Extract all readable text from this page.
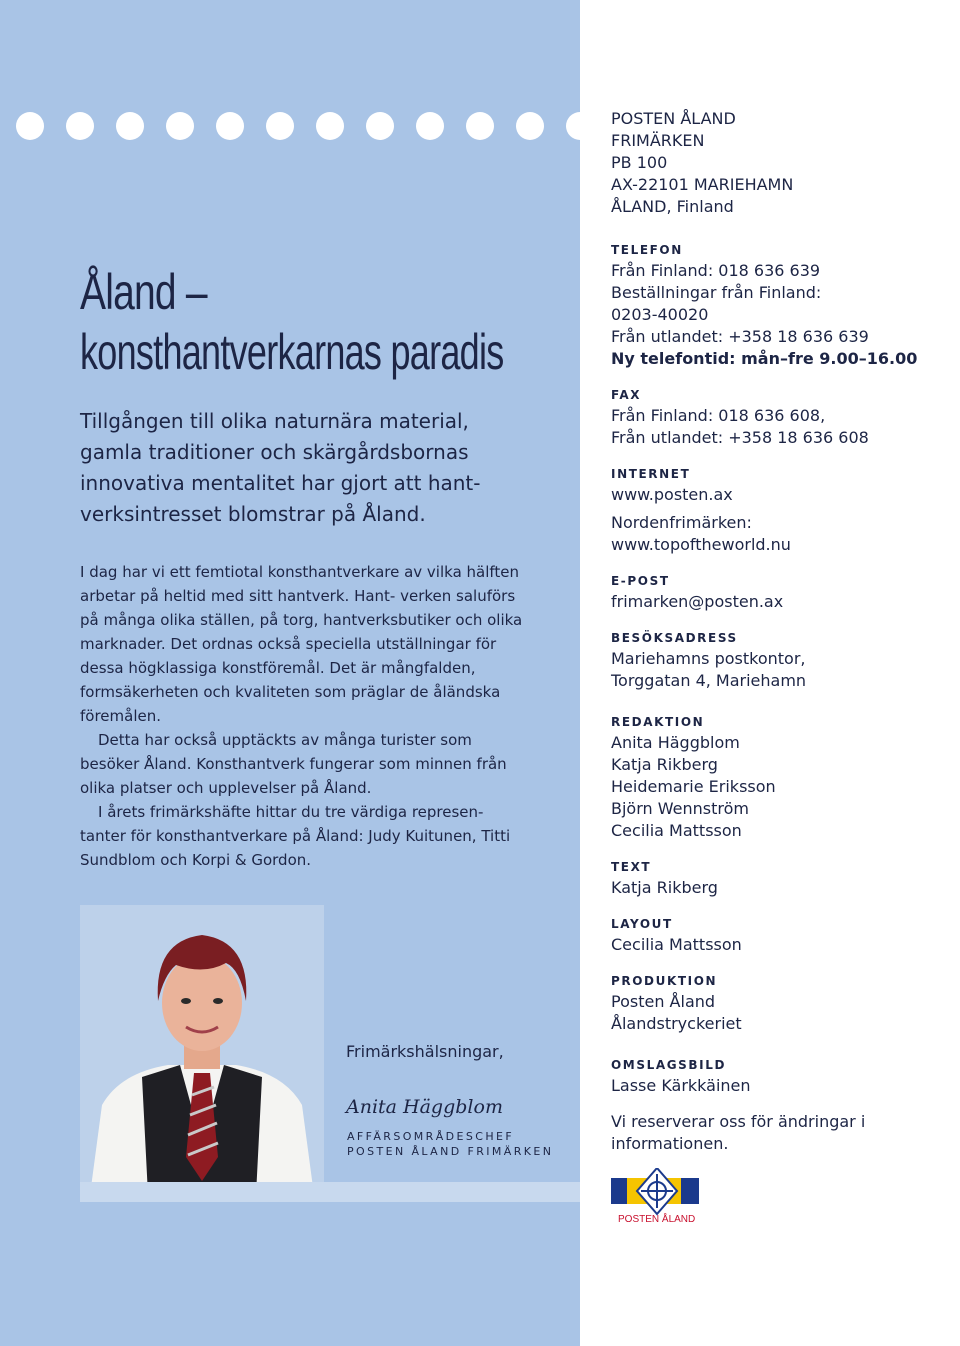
Åland –
konsthantverkarnas paradis

Tillgången till olika naturnära material, gamla traditioner och skärgårdsbornas innovativa mentalitet har gjort att hant- verksintresset blomstrar på Åland.

I dag har vi ett femtiotal konsthantverkare av vilka hälften arbetar på heltid med sitt hantverk. Hant- verken saluförs på många olika ställen, på torg, hantverksbutiker och olika marknader. Det ordnas också speciella utställningar för dessa högklassiga konstföremål. Det är mångfalden, formsäkerheten och kvaliteten som präglar de åländska föremålen.

Detta har också upptäckts av många turister som besöker Åland. Konsthantverk fungerar som minnen från olika platser och upplevelser på Åland.

I årets frimärkshäfte hittar du tre värdiga represen- tanter för konsthantverkare på Åland: Judy Kuitunen, Titti Sundblom och Korpi & Gordon.

Frimärkshälsningar,
Anita Häggblom
AFFÄRSOMRÅDESCHEF
POSTEN ÅLAND FRIMÄRKEN
POSTEN ÅLAND
FRIMÄRKEN
PB 100
AX-22101 MARIEHAMN
ÅLAND, Finland
TELEFON
Från Finland: 018 636 639
Beställningar från Finland:
0203-40020
Från utlandet: +358 18 636 639
Ny telefontid: mån–fre 9.00–16.00
FAX
Från Finland: 018 636 608,
Från utlandet: +358 18 636 608
INTERNET
www.posten.ax
Nordenfrimärken:
www.topoftheworld.nu
E-POST
frimarken@posten.ax
BESÖKSADRESS
Mariehamns postkontor,
Torggatan 4, Mariehamn
REDAKTION
Anita Häggblom
Katja Rikberg
Heidemarie Eriksson
Björn Wennström
Cecilia Mattsson
TEXT
Katja Rikberg
LAYOUT
Cecilia Mattsson
PRODUKTION
Posten Åland
Ålandstryckeriet
OMSLAGSBILD
Lasse Kärkkäinen
Vi reserverar oss för ändringar i
informationen.
POSTEN ÅLAND
